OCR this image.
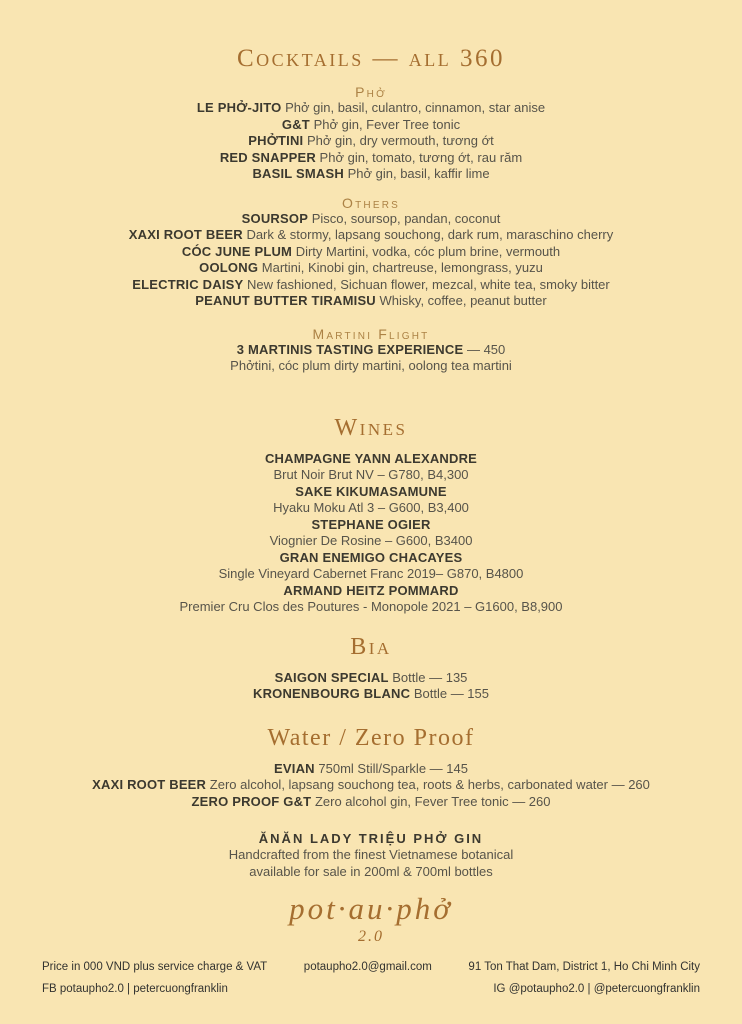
Cocktails — all 360
Phở
LE PHỞ-JITO Phở gin, basil, culantro, cinnamon, star anise
G&T Phở gin, Fever Tree tonic
PHỞTINI Phở gin, dry vermouth, tương ớt
RED SNAPPER Phở gin, tomato, tương ớt, rau răm
BASIL SMASH Phở gin, basil, kaffir lime
Others
SOURSOP Pisco, soursop, pandan, coconut
XAXI ROOT BEER Dark & stormy, lapsang souchong, dark rum, maraschino cherry
CÓC JUNE PLUM Dirty Martini, vodka, cóc plum brine, vermouth
OOLONG Martini, Kinobi gin, chartreuse, lemongrass, yuzu
ELECTRIC DAISY New fashioned, Sichuan flower, mezcal, white tea, smoky bitter
PEANUT BUTTER TIRAMISU Whisky, coffee, peanut butter
Martini Flight
3 MARTINIS TASTING EXPERIENCE — 450
Phởtini, cóc plum dirty martini, oolong tea martini
Wines
CHAMPAGNE YANN ALEXANDRE
Brut Noir Brut NV – G780, B4,300
SAKE KIKUMASAMUNE
Hyaku Moku Atl 3 – G600, B3,400
STEPHANE OGIER
Viognier De Rosine – G600, B3400
GRAN ENEMIGO CHACAYES
Single Vineyard Cabernet Franc 2019– G870, B4800
ARMAND HEITZ POMMARD
Premier Cru Clos des Poutures - Monopole 2021 – G1600, B8,900
Bia
SAIGON SPECIAL Bottle — 135
KRONENBOURG BLANC Bottle — 155
Water / Zero Proof
EVIAN 750ml Still/Sparkle — 145
XAXI ROOT BEER Zero alcohol, lapsang souchong tea, roots & herbs, carbonated water — 260
ZERO PROOF G&T Zero alcohol gin, Fever Tree tonic — 260
ĂNĂN LADY TRIỆU PHỞ GIN
Handcrafted from the finest Vietnamese botanical
available for sale in 200ml & 700ml bottles
pot·au·phở
2.0
Price in 000 VND plus service charge & VAT
FB potaupho2.0 | petercuongfranklin
potaupho2.0@gmail.com	91 Ton That Dam, District 1, Ho Chi Minh City
IG @potaupho2.0 | @petercuongfranklin
